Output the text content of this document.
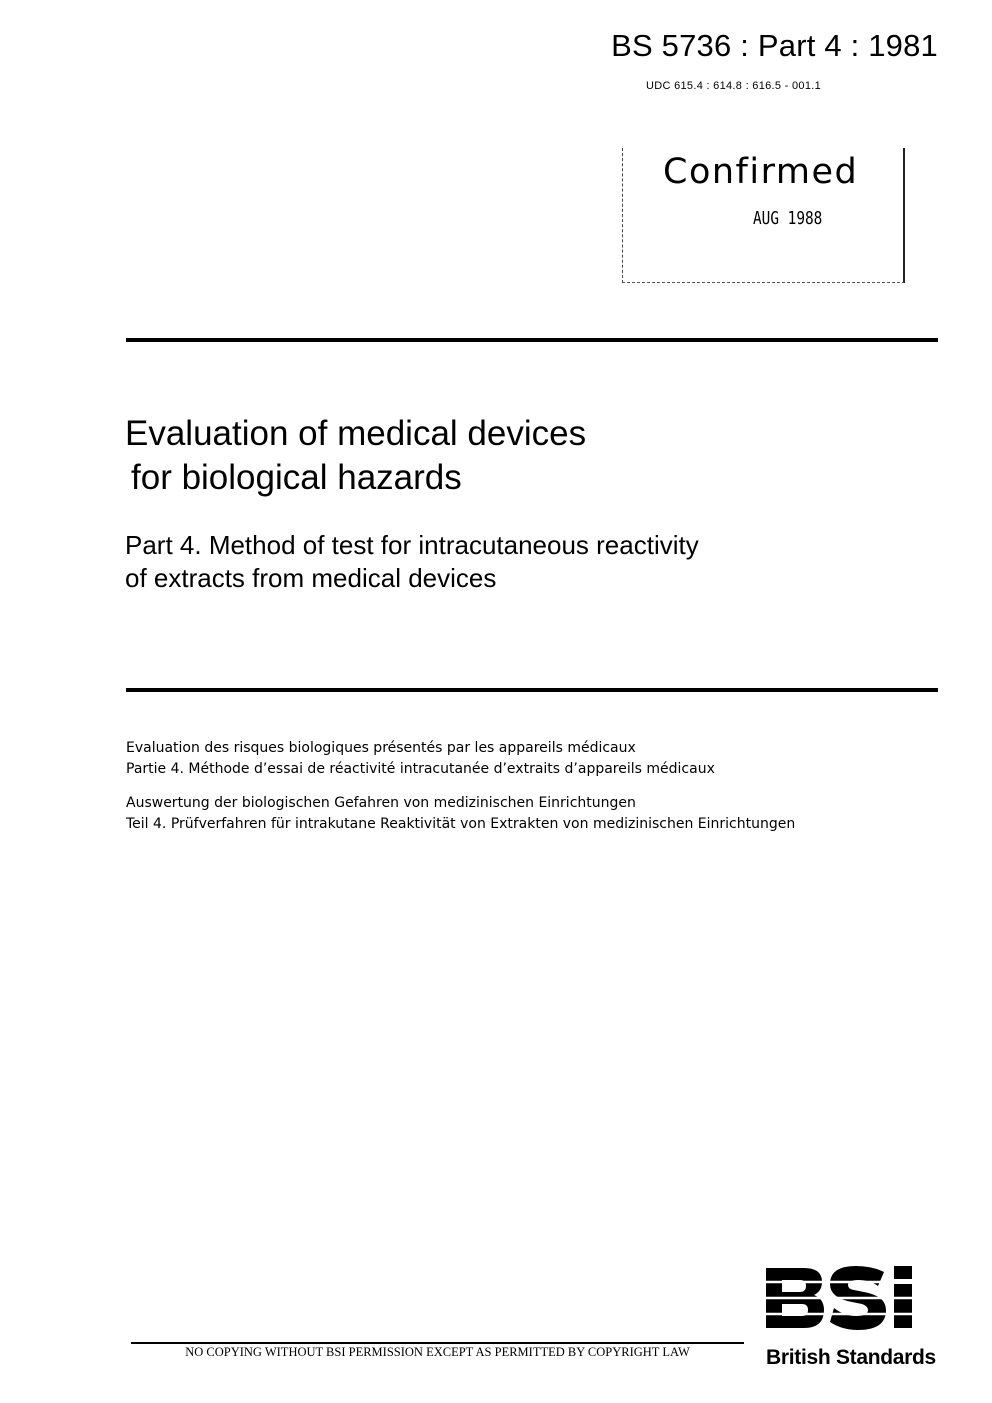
BS 5736 : Part 4 : 1981
UDC 615.4 : 614.8 : 616.5 - 001.1
Confirmed
AUG 1988
Evaluation of medical devices
for biological hazards
Part 4. Method of test for intracutaneous reactivity
of extracts from medical devices
Evaluation des risques biologiques présentés par les appareils médicaux
Partie 4. Méthode d’essai de réactivité intracutanée d’extraits d’appareils médicaux
Auswertung der biologischen Gefahren von medizinischen Einrichtungen
Teil 4. Prüfverfahren für intrakutane Reaktivität von Extrakten von medizinischen Einrichtungen
NO COPYING WITHOUT BSI PERMISSION EXCEPT AS PERMITTED BY COPYRIGHT LAW	British Standards
